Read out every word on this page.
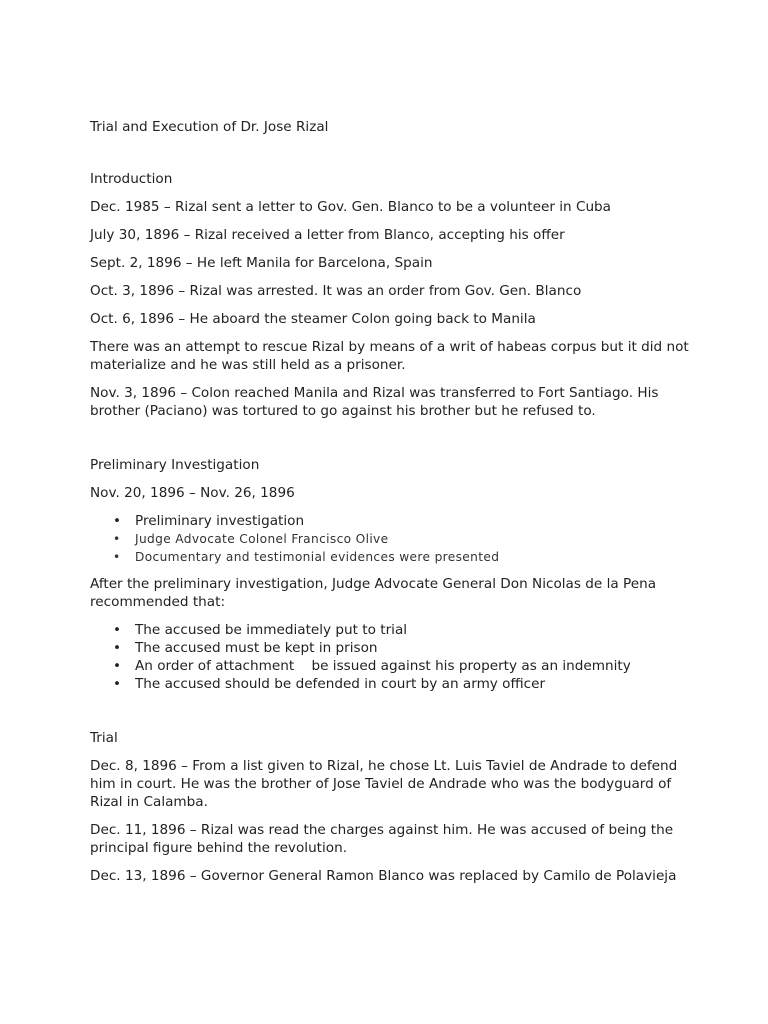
Trial and Execution of Dr. Jose Rizal

Introduction

Dec. 1985 – Rizal sent a letter to Gov. Gen. Blanco to be a volunteer in Cuba

July 30, 1896 – Rizal received a letter from Blanco, accepting his offer

Sept. 2, 1896 – He left Manila for Barcelona, Spain

Oct. 3, 1896 – Rizal was arrested. It was an order from Gov. Gen. Blanco

Oct. 6, 1896 – He aboard the steamer Colon going back to Manila

There was an attempt to rescue Rizal by means of a writ of habeas corpus but it did not materialize and he was still held as a prisoner.

Nov. 3, 1896 – Colon reached Manila and Rizal was transferred to Fort Santiago. His brother (Paciano) was tortured to go against his brother but he refused to.

Preliminary Investigation

Nov. 20, 1896 – Nov. 26, 1896

• Preliminary investigation
• Judge Advocate Colonel Francisco Olive
• Documentary and testimonial evidences were presented

After the preliminary investigation, Judge Advocate General Don Nicolas de la Pena recommended that:

• The accused be immediately put to trial
• The accused must be kept in prison
• An order of attachment    be issued against his property as an indemnity
• The accused should be defended in court by an army officer

Trial

Dec. 8, 1896 – From a list given to Rizal, he chose Lt. Luis Taviel de Andrade to defend him in court. He was the brother of Jose Taviel de Andrade who was the bodyguard of Rizal in Calamba.

Dec. 11, 1896 – Rizal was read the charges against him. He was accused of being the principal figure behind the revolution.

Dec. 13, 1896 – Governor General Ramon Blanco was replaced by Camilo de Polavieja
